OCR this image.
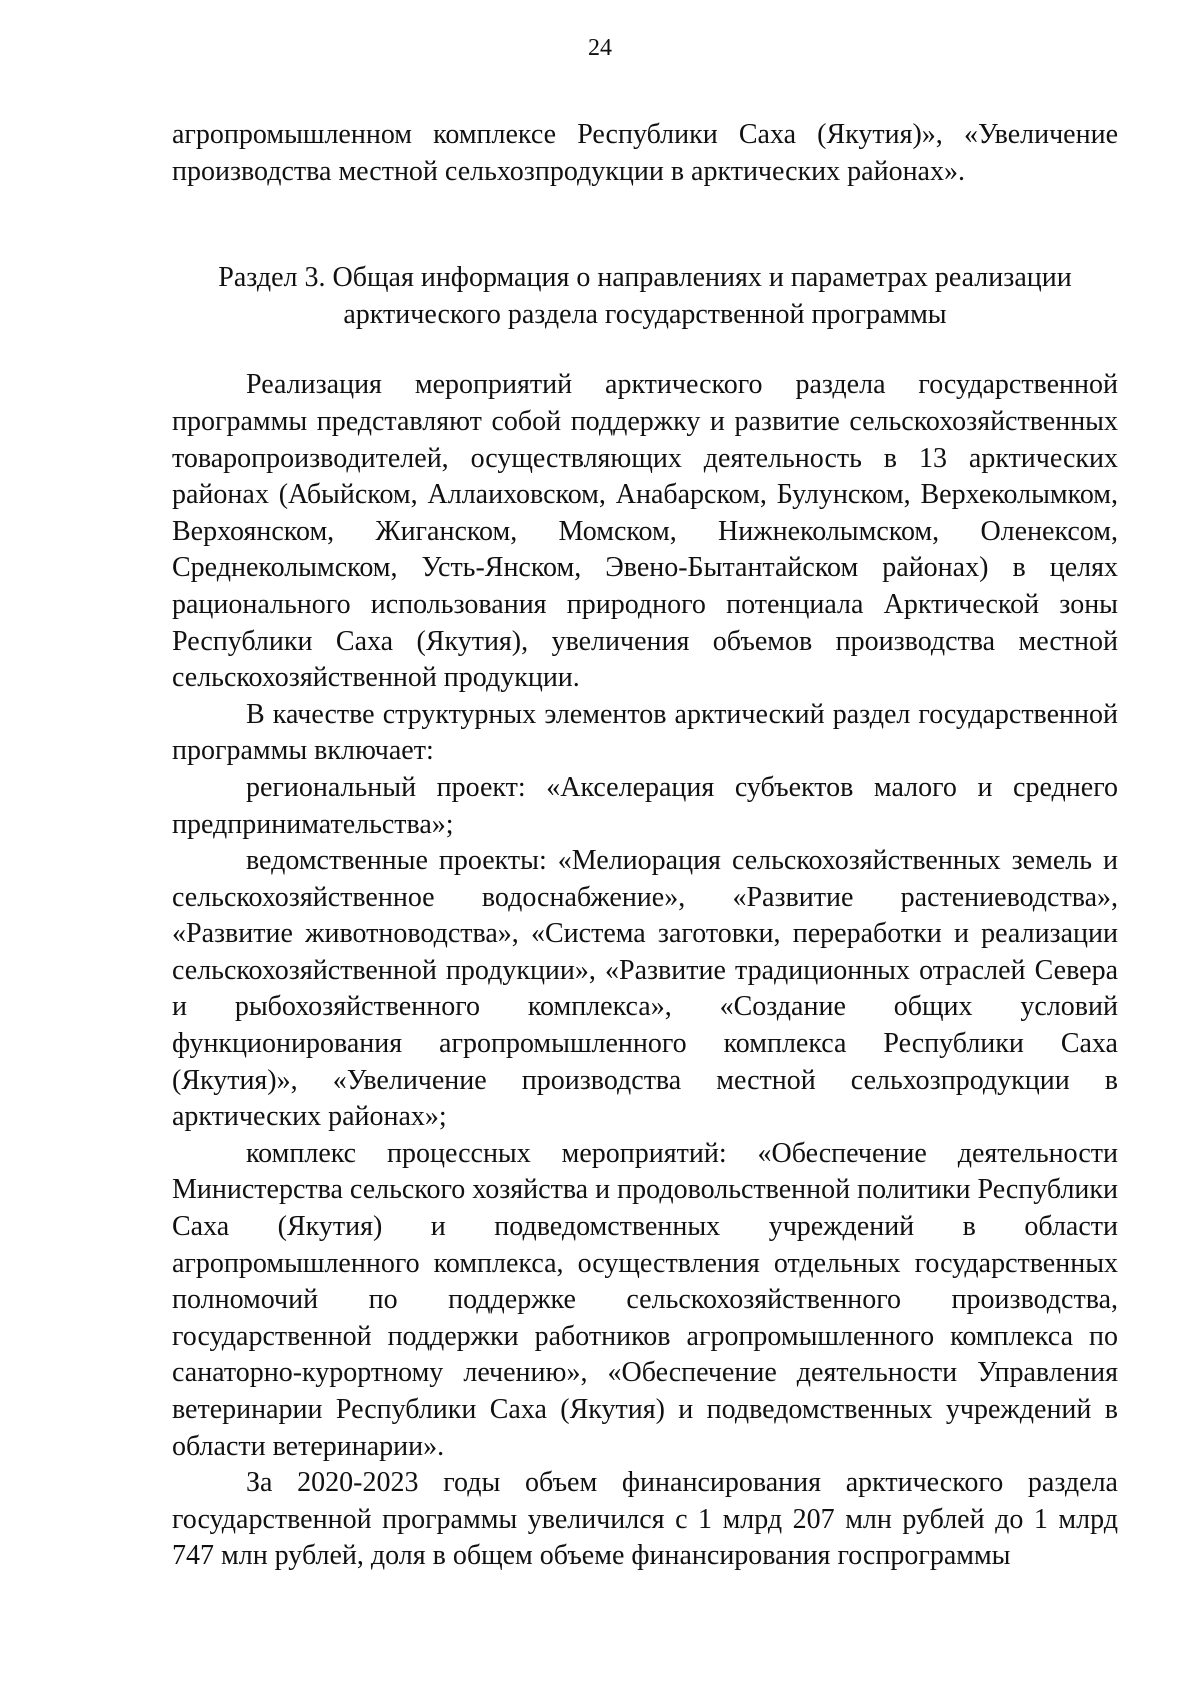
24

агропромышленном комплексе Республики Саха (Якутия)», «Увеличение производства местной сельхозпродукции в арктических районах».

Раздел 3. Общая информация о направлениях и параметрах реализации
арктического раздела государственной программы

Реализация мероприятий арктического раздела государственной программы представляют собой поддержку и развитие сельскохозяйственных товаропроизводителей, осуществляющих деятельность в 13 арктических районах (Абыйском, Аллаиховском, Анабарском, Булунском, Верхеколымком, Верхоянском, Жиганском, Момском, Нижнеколымском, Оленексом, Среднеколымском, Усть-Янском, Эвено-Бытантайском районах) в целях рационального использования природного потенциала Арктической зоны Республики Саха (Якутия), увеличения объемов производства местной сельскохозяйственной продукции.

В качестве структурных элементов арктический раздел государственной программы включает:

региональный проект: «Акселерация субъектов малого и среднего предпринимательства»;

ведомственные проекты: «Мелиорация сельскохозяйственных земель и сельскохозяйственное водоснабжение», «Развитие растениеводства», «Развитие животноводства», «Система заготовки, переработки и реализации сельскохозяйственной продукции», «Развитие традиционных отраслей Севера и рыбохозяйственного комплекса», «Создание общих условий функционирования агропромышленного комплекса Республики Саха (Якутия)», «Увеличение производства местной сельхозпродукции в арктических районах»;

комплекс процессных мероприятий: «Обеспечение деятельности Министерства сельского хозяйства и продовольственной политики Республики Саха (Якутия) и подведомственных учреждений в области агропромышленного комплекса, осуществления отдельных государственных полномочий по поддержке сельскохозяйственного производства, государственной поддержки работников агропромышленного комплекса по санаторно-курортному лечению», «Обеспечение деятельности Управления ветеринарии Республики Саха (Якутия) и подведомственных учреждений в области ветеринарии».

За 2020-2023 годы объем финансирования арктического раздела государственной программы увеличился с 1 млрд 207 млн рублей до 1 млрд 747 млн рублей, доля в общем объеме финансирования госпрограммы
